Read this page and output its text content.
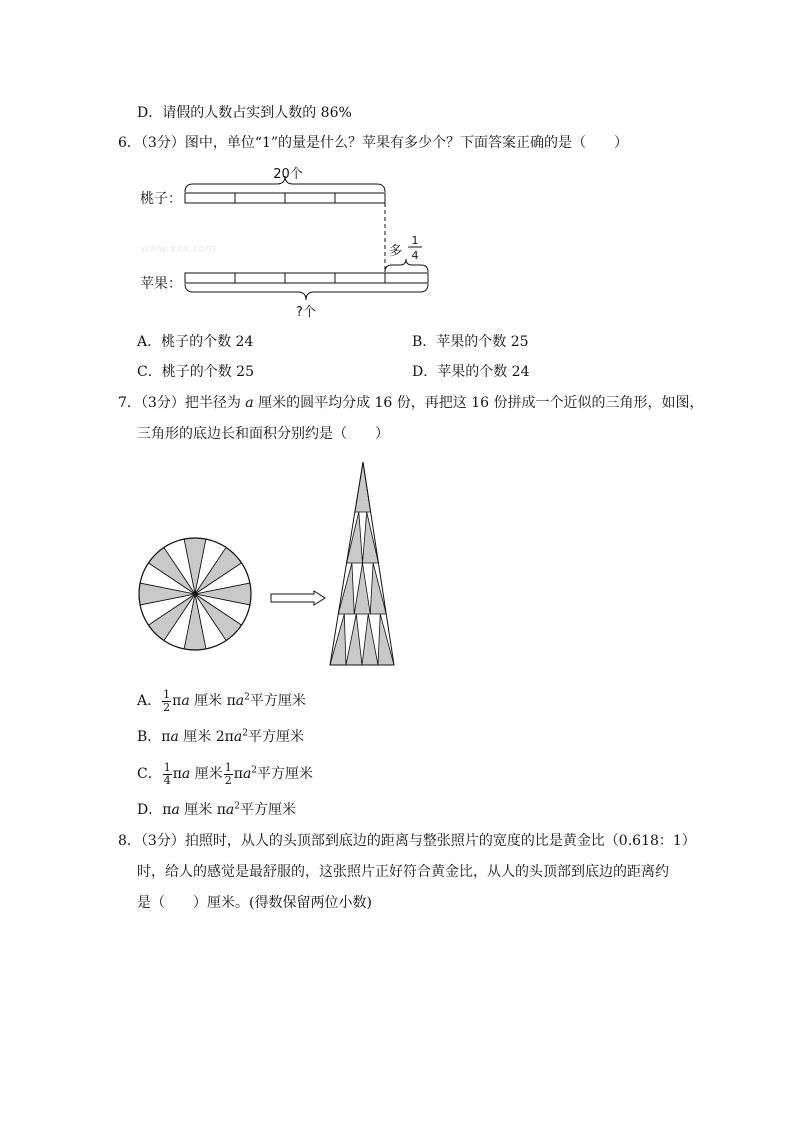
D．请假的人数占实到人数的 86%
6．（3分）图中，单位“1”的量是什么？苹果有多少个？下面答案正确的是（　　）
桃子：
20个
www.xxx.com	多
1
4
苹果：
?个
A．桃子的个数 24	B．苹果的个数 25
C．桃子的个数 25	D．苹果的个数 24
7．（3分）把半径为 a 厘米的圆平均分成 16 份，再把这 16 份拼成一个近似的三角形，如图，
三角形的底边长和面积分别约是（　　）
A． $\frac{1}{2}$ πa 厘米 $\pi a^2$平方厘米
B．πa 厘米 $2\pi a^2$平方厘米
C． $\frac{1}{4}$ πa 厘米 $\frac{1}{2} \pi a^2$平方厘米
D．πa 厘米 $\pi a^2$平方厘米
8．（3分）拍照时，从人的头顶部到底边的距离与整张照片的宽度的比是黄金比（0.618：1）
时，给人的感觉是最舒服的，这张照片正好符合黄金比，从人的头顶部到底边的距离约
是（　　）厘米。(得数保留两位小数)
